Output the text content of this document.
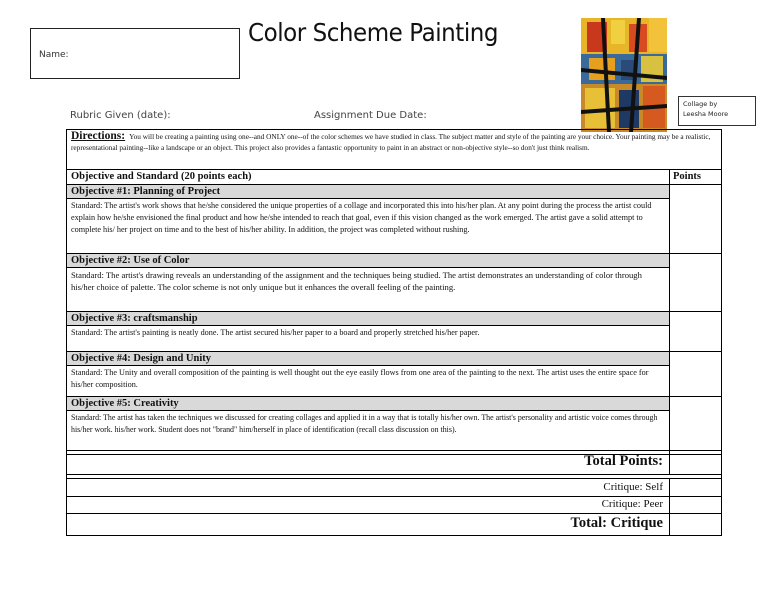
Name:
Color Scheme Painting
Collage by
Leesha Moore
Rubric Given (date):	Assignment Due Date:
Directions: You will be creating a painting using one--and ONLY one--of the color schemes we have studied in class. The subject matter and style of the painting are your choice. Your painting may be a realistic, representational painting--like a landscape or an object. This project also provides a fantastic opportunity to paint in an abstract or non-objective style--so don't just think realism.
Objective and Standard (20 points each)	Points
Objective #1: Planning of Project
Standard: The artist's work shows that he/she considered the unique properties of a collage and incorporated this into his/her plan. At any point during the process the artist could explain how he/she envisioned the final product and how he/she intended to reach that goal, even if this vision changed as the work emerged. The artist gave a solid attempt to complete his/ her project on time and to the best of his/her ability. In addition, the project was completed without rushing.
Objective #2: Use of Color
Standard: The artist's drawing reveals an understanding of the assignment and the techniques being studied. The artist demonstrates an understanding of color through his/her choice of palette. The color scheme is not only unique but it enhances the overall feeling of the painting.
Objective #3: craftsmanship
Standard: The artist's painting is neatly done. The artist secured his/her paper to a board and properly stretched his/her paper.
Objective #4: Design and Unity
Standard: The Unity and overall composition of the painting is well thought out the eye easily flows from one area of the painting to the next. The artist uses the entire space for his/her composition.
Objective #5: Creativity
Standard: The artist has taken the techniques we discussed for creating collages and applied it in a way that is totally his/her own. The artist's personality and artistic voice comes through his/her work. his/her work. Student does not "brand" him/herself in place of identification (recall class discussion on this).
Total Points:
Critique: Self
Critique: Peer
Total: Critique
